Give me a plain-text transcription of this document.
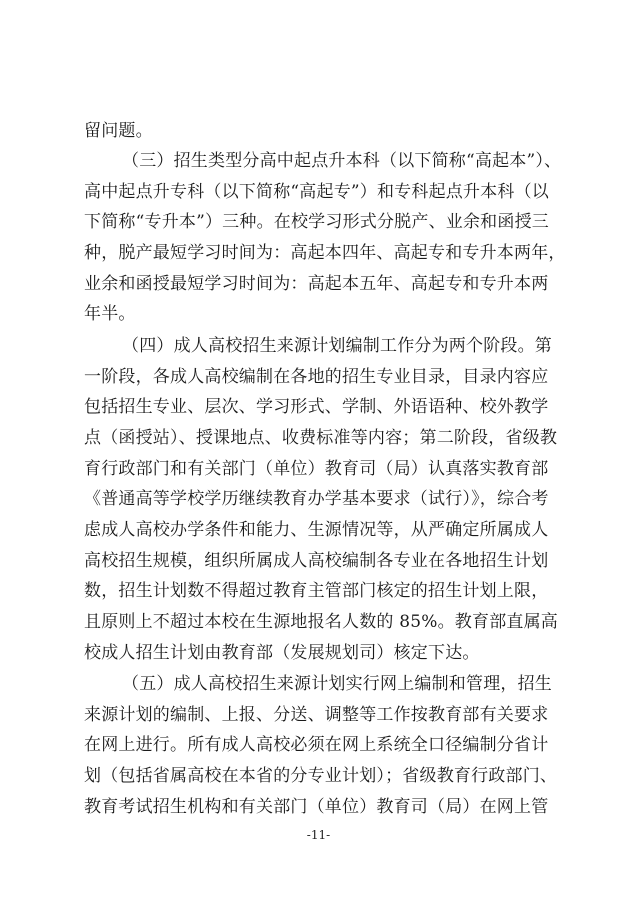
留问题。
（三）招生类型分高中起点升本科（以下简称“高起本”）、
高中起点升专科（以下简称“高起专”）和专科起点升本科（以
下简称“专升本”）三种。在校学习形式分脱产、业余和函授三
种，脱产最短学习时间为：高起本四年、高起专和专升本两年，
业余和函授最短学习时间为：高起本五年、高起专和专升本两
年半。
（四）成人高校招生来源计划编制工作分为两个阶段。第
一阶段，各成人高校编制在各地的招生专业目录，目录内容应
包括招生专业、层次、学习形式、学制、外语语种、校外教学
点（函授站）、授课地点、收费标准等内容；第二阶段，省级教
育行政部门和有关部门（单位）教育司（局）认真落实教育部
《普通高等学校学历继续教育办学基本要求（试行）》，综合考
虑成人高校办学条件和能力、生源情况等，从严确定所属成人
高校招生规模，组织所属成人高校编制各专业在各地招生计划
数，招生计划数不得超过教育主管部门核定的招生计划上限，
且原则上不超过本校在生源地报名人数的 85%。教育部直属高
校成人招生计划由教育部（发展规划司）核定下达。
（五）成人高校招生来源计划实行网上编制和管理，招生
来源计划的编制、上报、分送、调整等工作按教育部有关要求
在网上进行。所有成人高校必须在网上系统全口径编制分省计
划（包括省属高校在本省的分专业计划）；省级教育行政部门、
教育考试招生机构和有关部门（单位）教育司（局）在网上管
-11-
